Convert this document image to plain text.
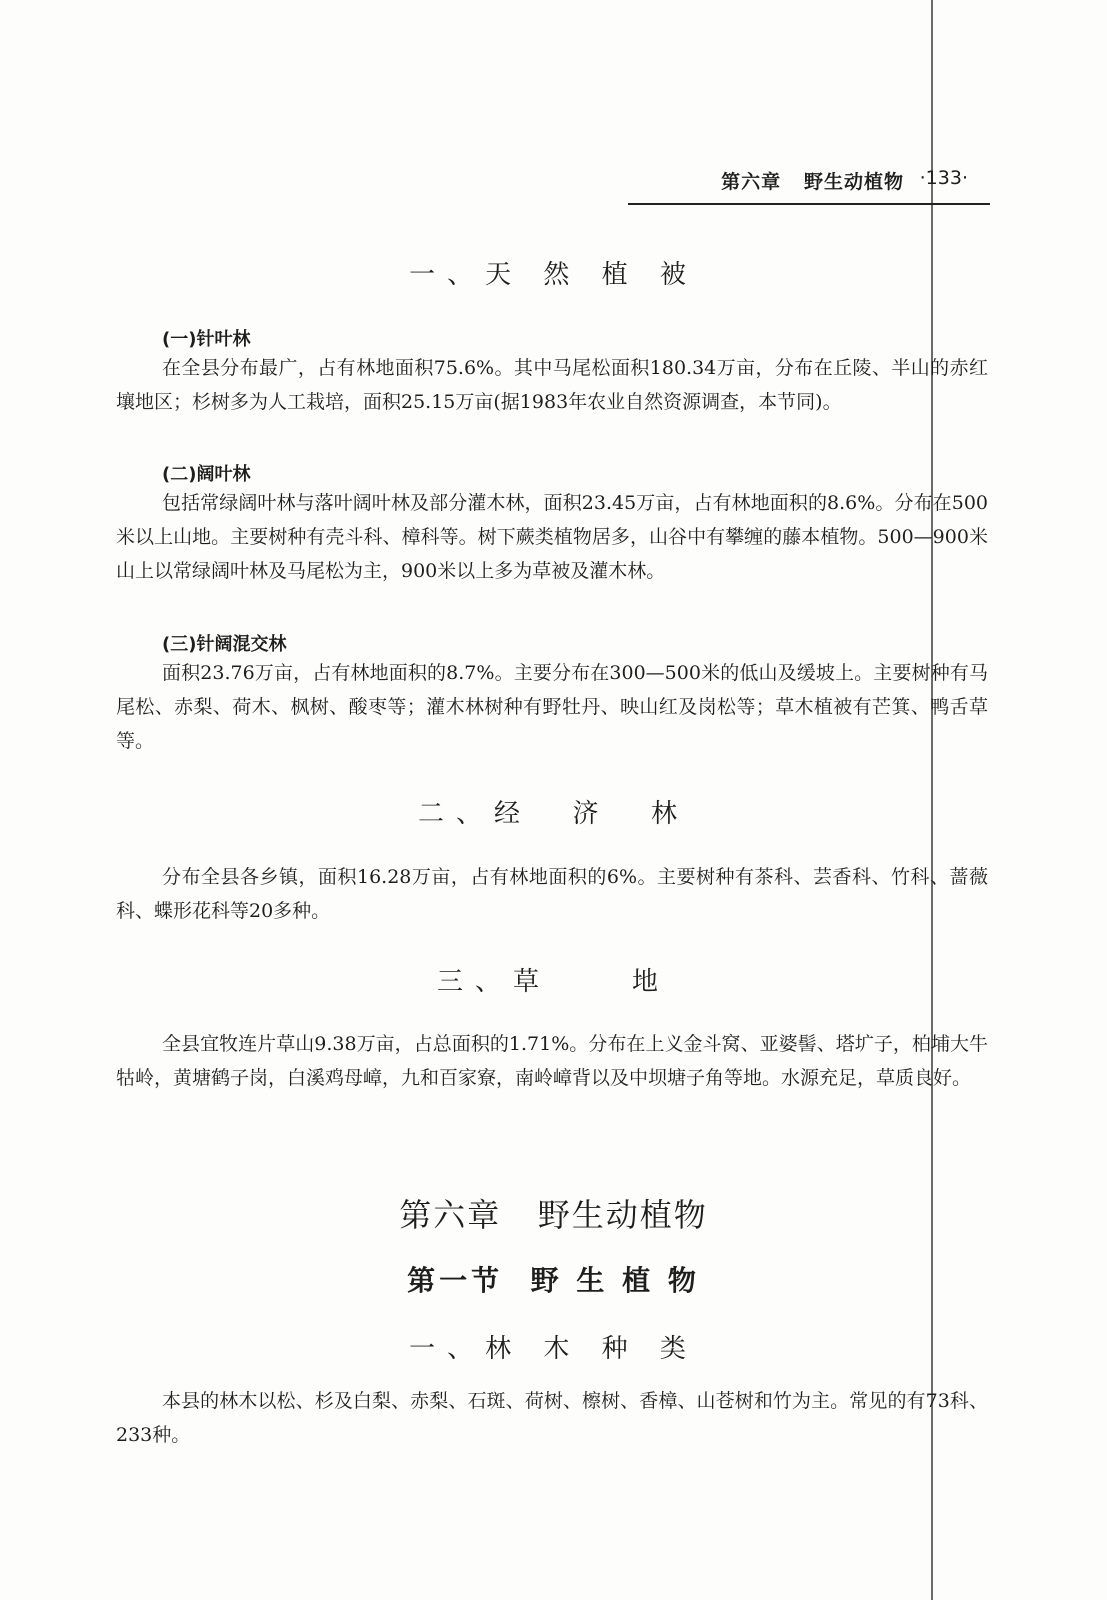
第六章   野生动植物 ·133·
一、天 然 植 被
(一)针叶林

在全县分布最广，占有林地面积75.6%。其中马尾松面积180.34万亩，分布在丘陵、半山的赤红壤地区；杉树多为人工栽培，面积25.15万亩(据1983年农业自然资源调查，本节同)。

(二)阔叶林

包括常绿阔叶林与落叶阔叶林及部分灌木林，面积23.45万亩，占有林地面积的8.6%。分布在500米以上山地。主要树种有壳斗科、樟科等。树下蕨类植物居多，山谷中有攀缠的藤本植物。500—900米山上以常绿阔叶林及马尾松为主，900米以上多为草被及灌木林。

(三)针阔混交林

面积23.76万亩，占有林地面积的8.7%。主要分布在300—500米的低山及缓坡上。主要树种有马尾松、赤梨、荷木、枫树、酸枣等；灌木林树种有野牡丹、映山红及岗松等；草木植被有芒箕、鸭舌草等。

二、经  济  林

分布全县各乡镇，面积16.28万亩，占有林地面积的6%。主要树种有茶科、芸香科、竹科、蔷薇科、蝶形花科等20多种。

三、草    地

全县宜牧连片草山9.38万亩，占总面积的1.71%。分布在上义金斗窝、亚婆髻、塔圹子，柏埔大牛牯岭，黄塘鹤子岗，白溪鸡母嶂，九和百家寮，南岭嶂背以及中坝塘子角等地。水源充足，草质良好。

第六章   野生动植物
第一节  野 生 植 物
一、林 木 种 类

本县的林木以松、杉及白梨、赤梨、石斑、荷树、檫树、香樟、山苍树和竹为主。常见的有73科、233种。
